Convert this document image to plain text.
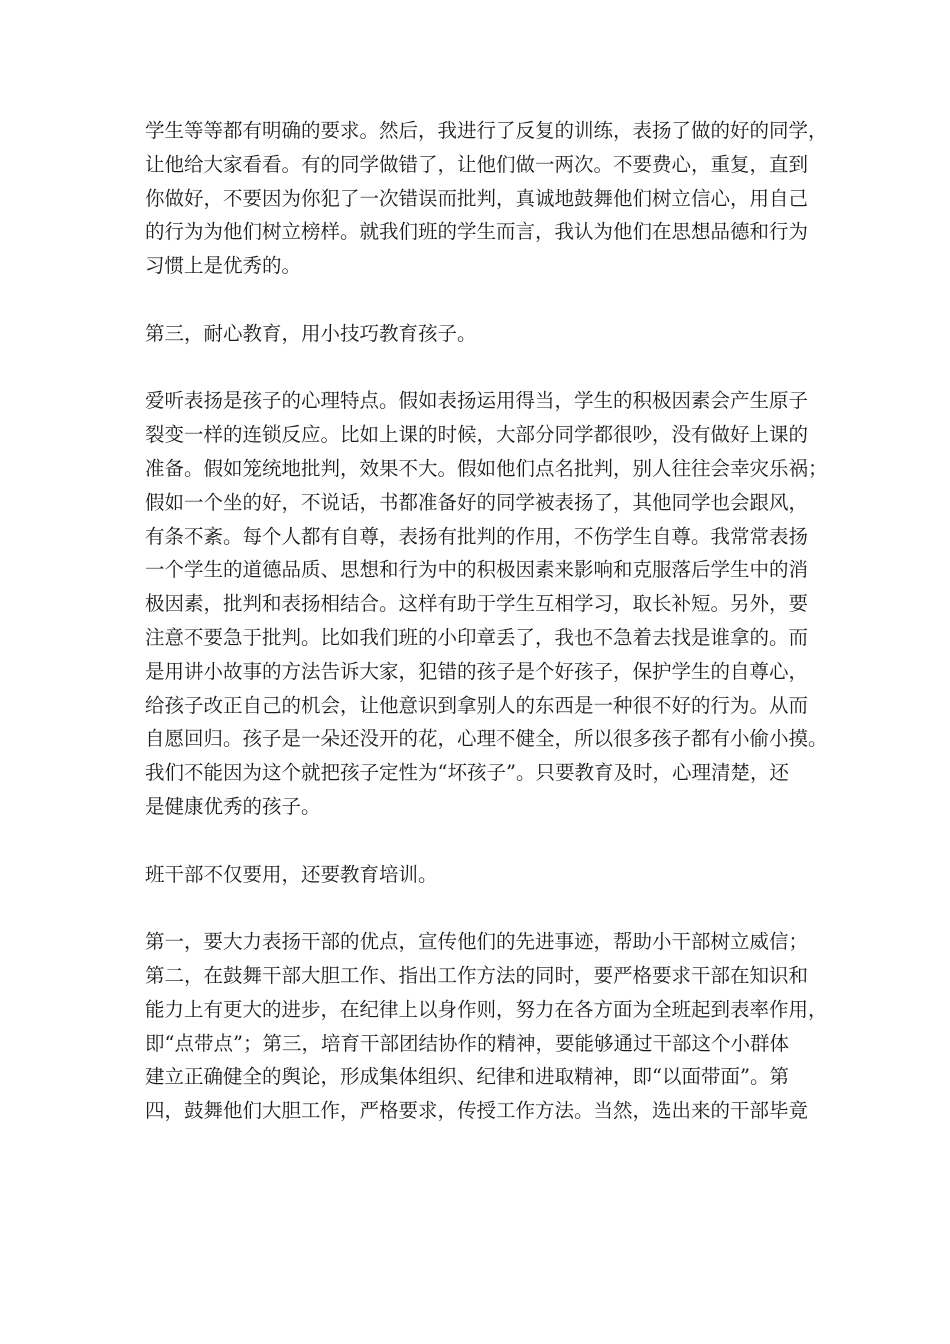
学生等等都有明确的要求。然后，我进行了反复的训练，表扬了做的好的同学，
让他给大家看看。有的同学做错了，让他们做一两次。不要费心，重复，直到
你做好，不要因为你犯了一次错误而批判，真诚地鼓舞他们树立信心，用自己
的行为为他们树立榜样。就我们班的学生而言，我认为他们在思想品德和行为
习惯上是优秀的。
第三，耐心教育，用小技巧教育孩子。
爱听表扬是孩子的心理特点。假如表扬运用得当，学生的积极因素会产生原子
裂变一样的连锁反应。比如上课的时候，大部分同学都很吵，没有做好上课的
准备。假如笼统地批判，效果不大。假如他们点名批判，别人往往会幸灾乐祸；
假如一个坐的好，不说话，书都准备好的同学被表扬了，其他同学也会跟风，
有条不紊。每个人都有自尊，表扬有批判的作用，不伤学生自尊。我常常表扬
一个学生的道德品质、思想和行为中的积极因素来影响和克服落后学生中的消
极因素，批判和表扬相结合。这样有助于学生互相学习，取长补短。另外，要
注意不要急于批判。比如我们班的小印章丢了，我也不急着去找是谁拿的。而
是用讲小故事的方法告诉大家，犯错的孩子是个好孩子，保护学生的自尊心，
给孩子改正自己的机会，让他意识到拿别人的东西是一种很不好的行为。从而
自愿回归。孩子是一朵还没开的花，心理不健全，所以很多孩子都有小偷小摸。
我们不能因为这个就把孩子定性为“坏孩子”。只要教育及时，心理清楚，还
是健康优秀的孩子。
班干部不仅要用，还要教育培训。
第一，要大力表扬干部的优点，宣传他们的先进事迹，帮助小干部树立威信；
第二，在鼓舞干部大胆工作、指出工作方法的同时，要严格要求干部在知识和
能力上有更大的进步，在纪律上以身作则，努力在各方面为全班起到表率作用，
即“点带点”；第三，培育干部团结协作的精神，要能够通过干部这个小群体
建立正确健全的舆论，形成集体组织、纪律和进取精神，即“以面带面”。第
四，鼓舞他们大胆工作，严格要求，传授工作方法。当然，选出来的干部毕竟
